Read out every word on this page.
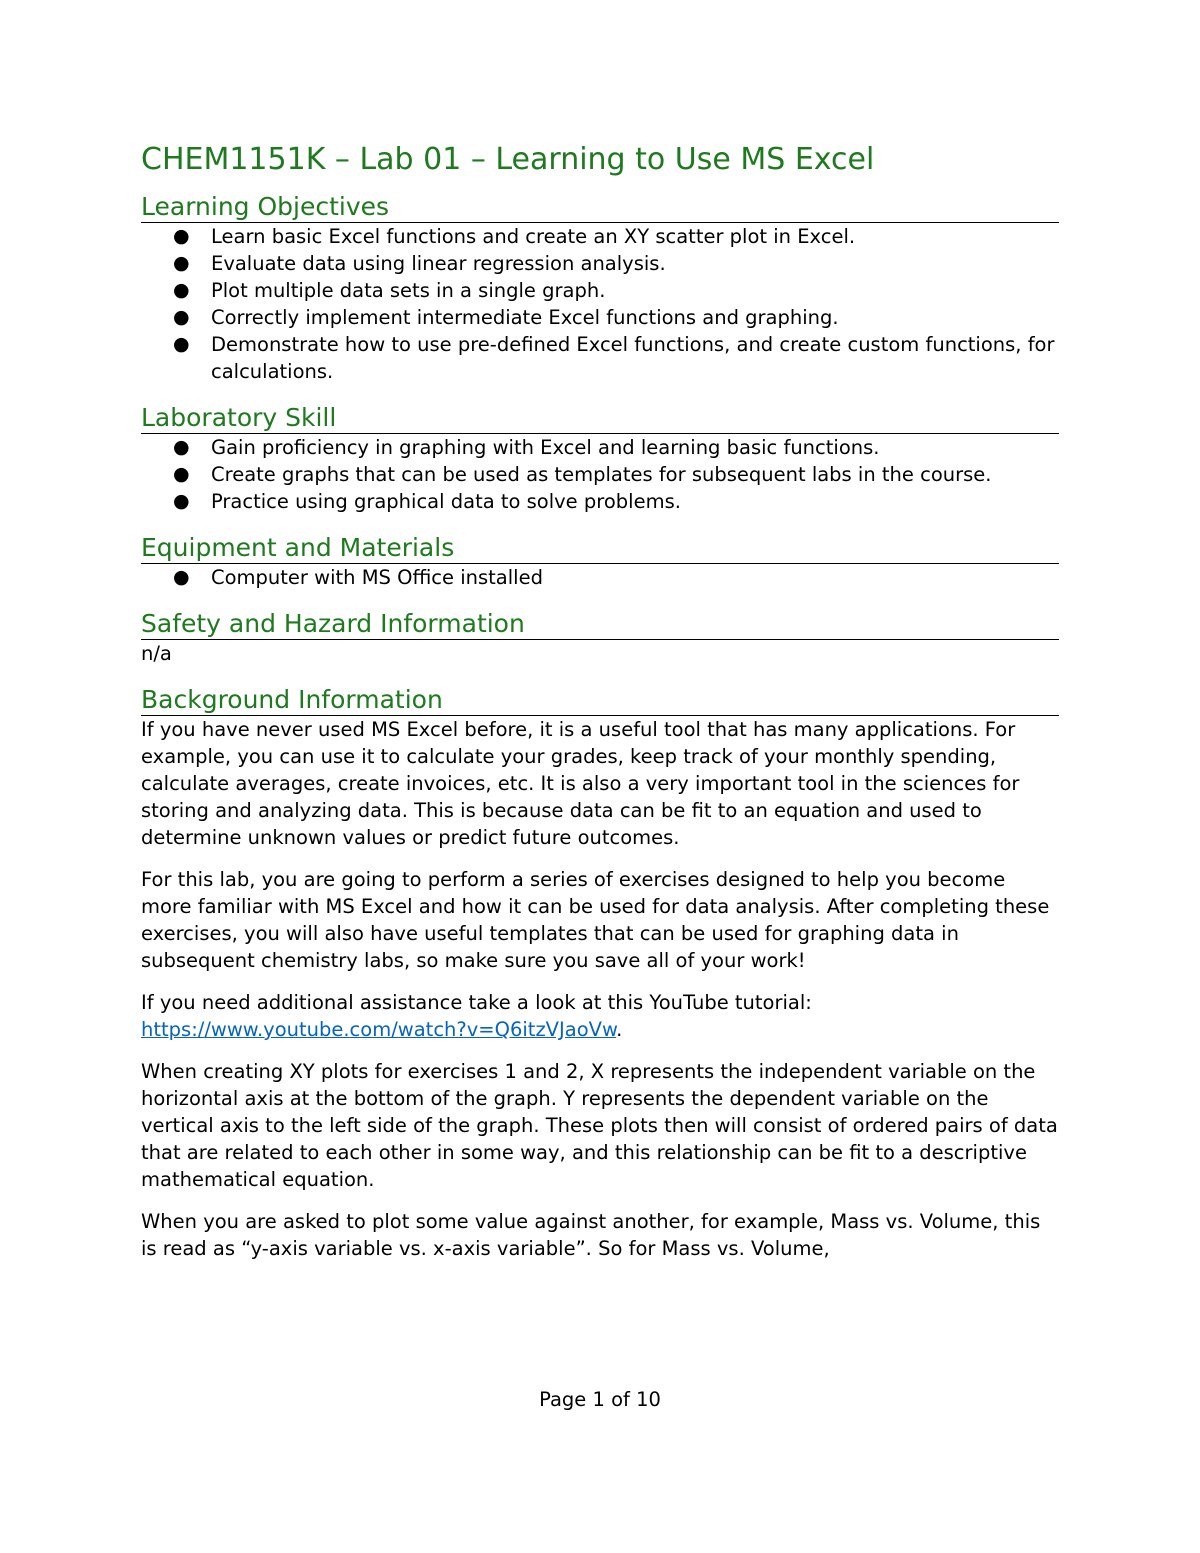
CHEM1151K – Lab 01 – Learning to Use MS Excel
Learning Objectives
● Learn basic Excel functions and create an XY scatter plot in Excel.
● Evaluate data using linear regression analysis.
● Plot multiple data sets in a single graph.
● Correctly implement intermediate Excel functions and graphing.
● Demonstrate how to use pre-defined Excel functions, and create custom functions, for calculations.
Laboratory Skill
● Gain proficiency in graphing with Excel and learning basic functions.
● Create graphs that can be used as templates for subsequent labs in the course.
● Practice using graphical data to solve problems.
Equipment and Materials
● Computer with MS Office installed
Safety and Hazard Information

n/a

Background Information

If you have never used MS Excel before, it is a useful tool that has many applications. For example, you can use it to calculate your grades, keep track of your monthly spending, calculate averages, create invoices, etc. It is also a very important tool in the sciences for storing and analyzing data. This is because data can be fit to an equation and used to determine unknown values or predict future outcomes.

For this lab, you are going to perform a series of exercises designed to help you become more familiar with MS Excel and how it can be used for data analysis. After completing these exercises, you will also have useful templates that can be used for graphing data in subsequent chemistry labs, so make sure you save all of your work!

If you need additional assistance take a look at this YouTube tutorial: https://www.youtube.com/watch?v=Q6itzVJaoVw.

When creating XY plots for exercises 1 and 2, X represents the independent variable on the horizontal axis at the bottom of the graph. Y represents the dependent variable on the vertical axis to the left side of the graph. These plots then will consist of ordered pairs of data that are related to each other in some way, and this relationship can be fit to a descriptive mathematical equation.

When you are asked to plot some value against another, for example, Mass vs. Volume, this is read as “y-axis variable vs. x-axis variable”. So for Mass vs. Volume,

Page 1 of 10
